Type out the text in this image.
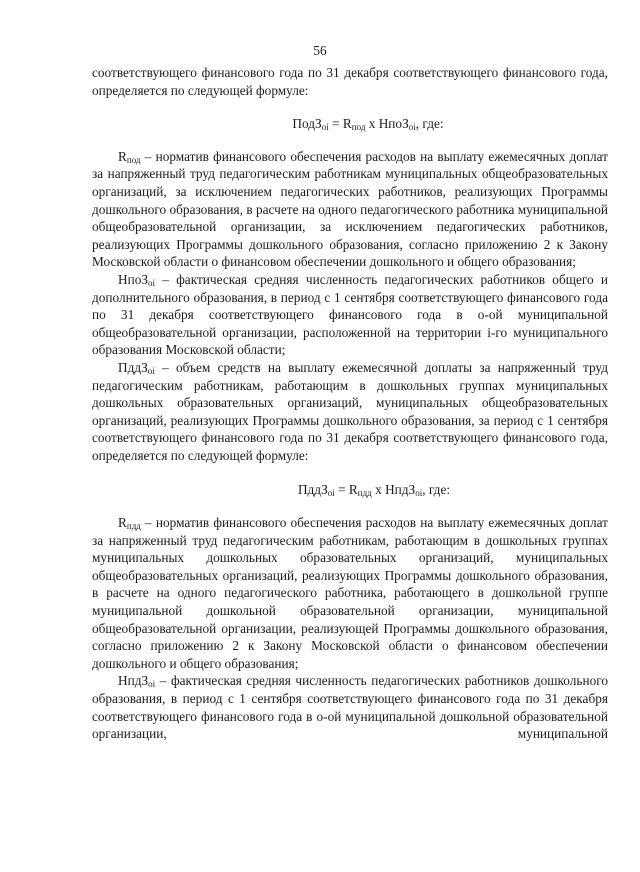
56

соответствующего финансового года по 31 декабря соответствующего финансового года, определяется по следующей формуле:

ПодЗ$_{oi}$ = $R_{под}$ x НпоЗ$_{oi}$, где:

$R_{под}$ – норматив финансового обеспечения расходов на выплату ежемесячных доплат за напряженный труд педагогическим работникам муниципальных общеобразовательных организаций, за исключением педагогических работников, реализующих Программы дошкольного образования, в расчете на одного педагогического работника муниципальной общеобразовательной организации, за исключением педагогических работников, реализующих Программы дошкольного образования, согласно приложению 2 к Закону Московской области о финансовом обеспечении дошкольного и общего образования;

НпоЗ$_{oi}$ – фактическая средняя численность педагогических работников общего и дополнительного образования, в период с 1 сентября соответствующего финансового года по 31 декабря соответствующего финансового года в о-ой муниципальной общеобразовательной организации, расположенной на территории i-го муниципального образования Московской области;

ПддЗ$_{oi}$ – объем средств на выплату ежемесячной доплаты за напряженный труд педагогическим работникам, работающим в дошкольных группах муниципальных дошкольных образовательных организаций, муниципальных общеобразовательных организаций, реализующих Программы дошкольного образования, за период с 1 сентября соответствующего финансового года по 31 декабря соответствующего финансового года, определяется по следующей формуле:

ПддЗ$_{oi}$ = $R_{пдд}$ x НпдЗ$_{oi}$, где:

$R_{пдд}$ – норматив финансового обеспечения расходов на выплату ежемесячных доплат за напряженный труд педагогическим работникам, работающим в дошкольных группах муниципальных дошкольных образовательных организаций, муниципальных общеобразовательных организаций, реализующих Программы дошкольного образования, в расчете на одного педагогического работника, работающего в дошкольной группе муниципальной дошкольной образовательной организации, муниципальной общеобразовательной организации, реализующей Программы дошкольного образования, согласно приложению 2 к Закону Московской области о финансовом обеспечении дошкольного и общего образования;

НпдЗ$_{oi}$ – фактическая средняя численность педагогических работников дошкольного образования, в период с 1 сентября соответствующего финансового года по 31 декабря соответствующего финансового года в о-ой муниципальной дошкольной образовательной организации, муниципальной
